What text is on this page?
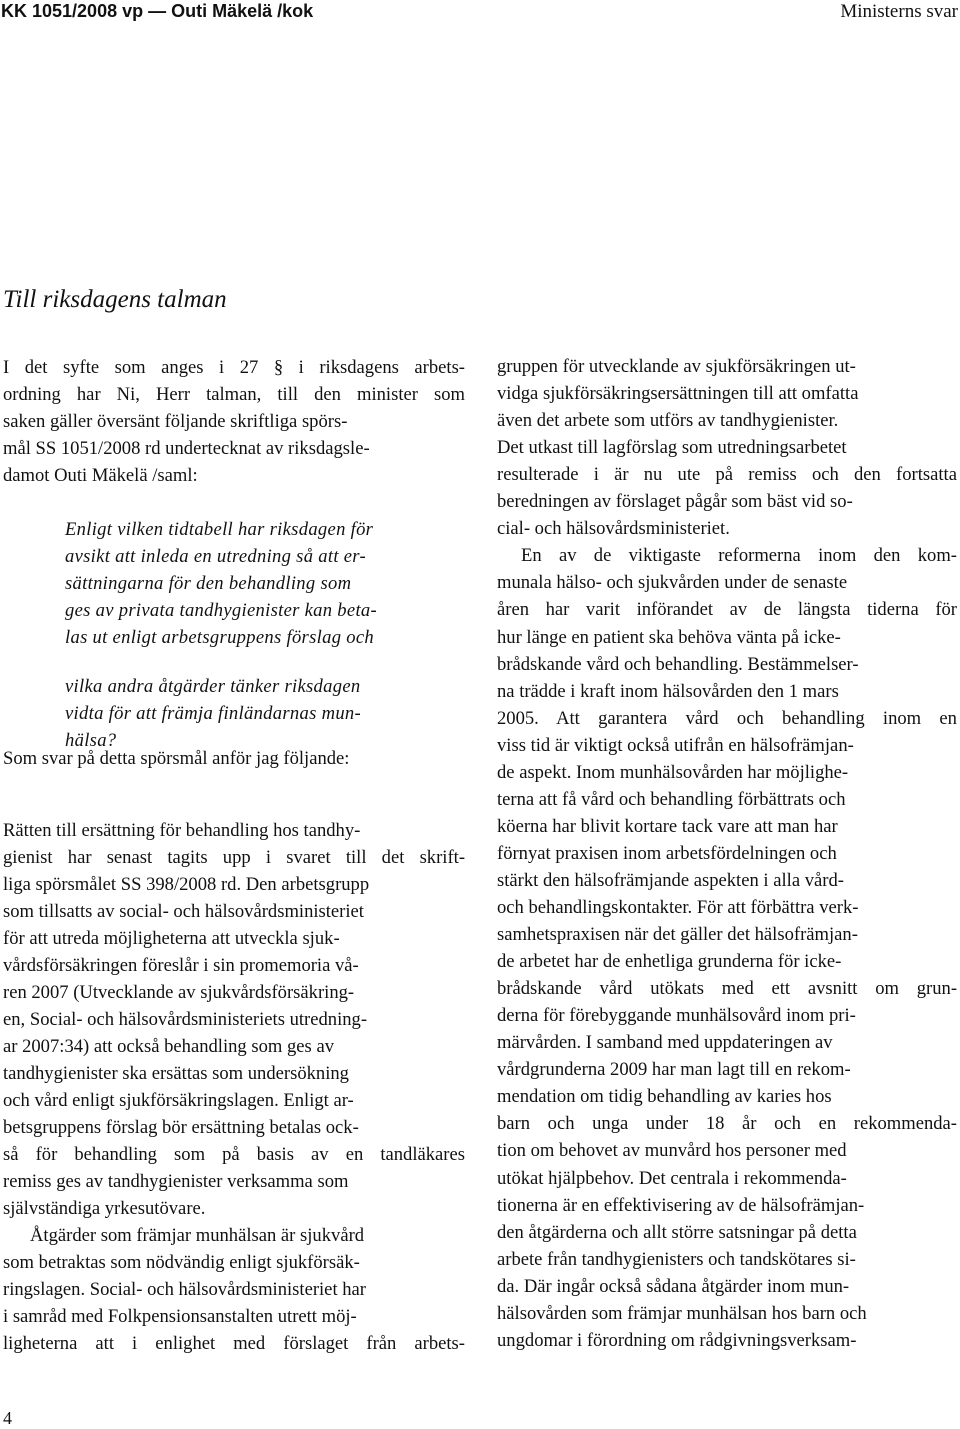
KK 1051/2008 vp — Outi Mäkelä /kok	Ministerns svar
Till riksdagens talman
I det syfte som anges i 27 § i riksdagens arbets-
ordning har Ni, Herr talman, till den minister som
saken gäller översänt följande skriftliga spörs-
mål SS 1051/2008 rd undertecknat av riksdagsle-
damot Outi Mäkelä /saml:
Enligt vilken tidtabell har riksdagen för
avsikt att inleda en utredning så att er-
sättningarna för den behandling som
ges av privata tandhygienister kan beta-
las ut enligt arbetsgruppens förslag och
vilka andra åtgärder tänker riksdagen
vidta för att främja finländarnas mun-
hälsa?
Som svar på detta spörsmål anför jag följande:
Rätten till ersättning för behandling hos tandhy-
gienist har senast tagits upp i svaret till det skrift-
liga spörsmålet SS 398/2008 rd. Den arbetsgrupp
som tillsatts av social- och hälsovårdsministeriet
för att utreda möjligheterna att utveckla sjuk-
vårdsförsäkringen föreslår i sin promemoria vå-
ren 2007 (Utvecklande av sjukvårdsförsäkring-
en, Social- och hälsovårdsministeriets utredning-
ar 2007:34) att också behandling som ges av
tandhygienister ska ersättas som undersökning
och vård enligt sjukförsäkringslagen. Enligt ar-
betsgruppens förslag bör ersättning betalas ock-
så för behandling som på basis av en tandläkares
remiss ges av tandhygienister verksamma som
självständiga yrkesutövare.
Åtgärder som främjar munhälsan är sjukvård
som betraktas som nödvändig enligt sjukförsäk-
ringslagen. Social- och hälsovårdsministeriet har
i samråd med Folkpensionsanstalten utrett möj-
ligheterna att i enlighet med förslaget från arbets-
gruppen för utvecklande av sjukförsäkringen ut-
vidga sjukförsäkringsersättningen till att omfatta
även det arbete som utförs av tandhygienister.
Det utkast till lagförslag som utredningsarbetet
resulterade i är nu ute på remiss och den fortsatta
beredningen av förslaget pågår som bäst vid so-
cial- och hälsovårdsministeriet.
En av de viktigaste reformerna inom den kom-
munala hälso- och sjukvården under de senaste
åren har varit införandet av de längsta tiderna för
hur länge en patient ska behöva vänta på icke-
brådskande vård och behandling. Bestämmelser-
na trädde i kraft inom hälsovården den 1 mars
2005. Att garantera vård och behandling inom en
viss tid är viktigt också utifrån en hälsofrämjan-
de aspekt. Inom munhälsovården har möjlighe-
terna att få vård och behandling förbättrats och
köerna har blivit kortare tack vare att man har
förnyat praxisen inom arbetsfördelningen och
stärkt den hälsofrämjande aspekten i alla vård-
och behandlingskontakter. För att förbättra verk-
samhetspraxisen när det gäller det hälsofrämjan-
de arbetet har de enhetliga grunderna för icke-
brådskande vård utökats med ett avsnitt om grun-
derna för förebyggande munhälsovård inom pri-
märvården. I samband med uppdateringen av
vårdgrunderna 2009 har man lagt till en rekom-
mendation om tidig behandling av karies hos
barn och unga under 18 år och en rekommenda-
tion om behovet av munvård hos personer med
utökat hjälpbehov. Det centrala i rekommenda-
tionerna är en effektivisering av de hälsofrämjan-
den åtgärderna och allt större satsningar på detta
arbete från tandhygienisters och tandskötares si-
da. Där ingår också sådana åtgärder inom mun-
hälsovården som främjar munhälsan hos barn och
ungdomar i förordning om rådgivningsverksam-
4
